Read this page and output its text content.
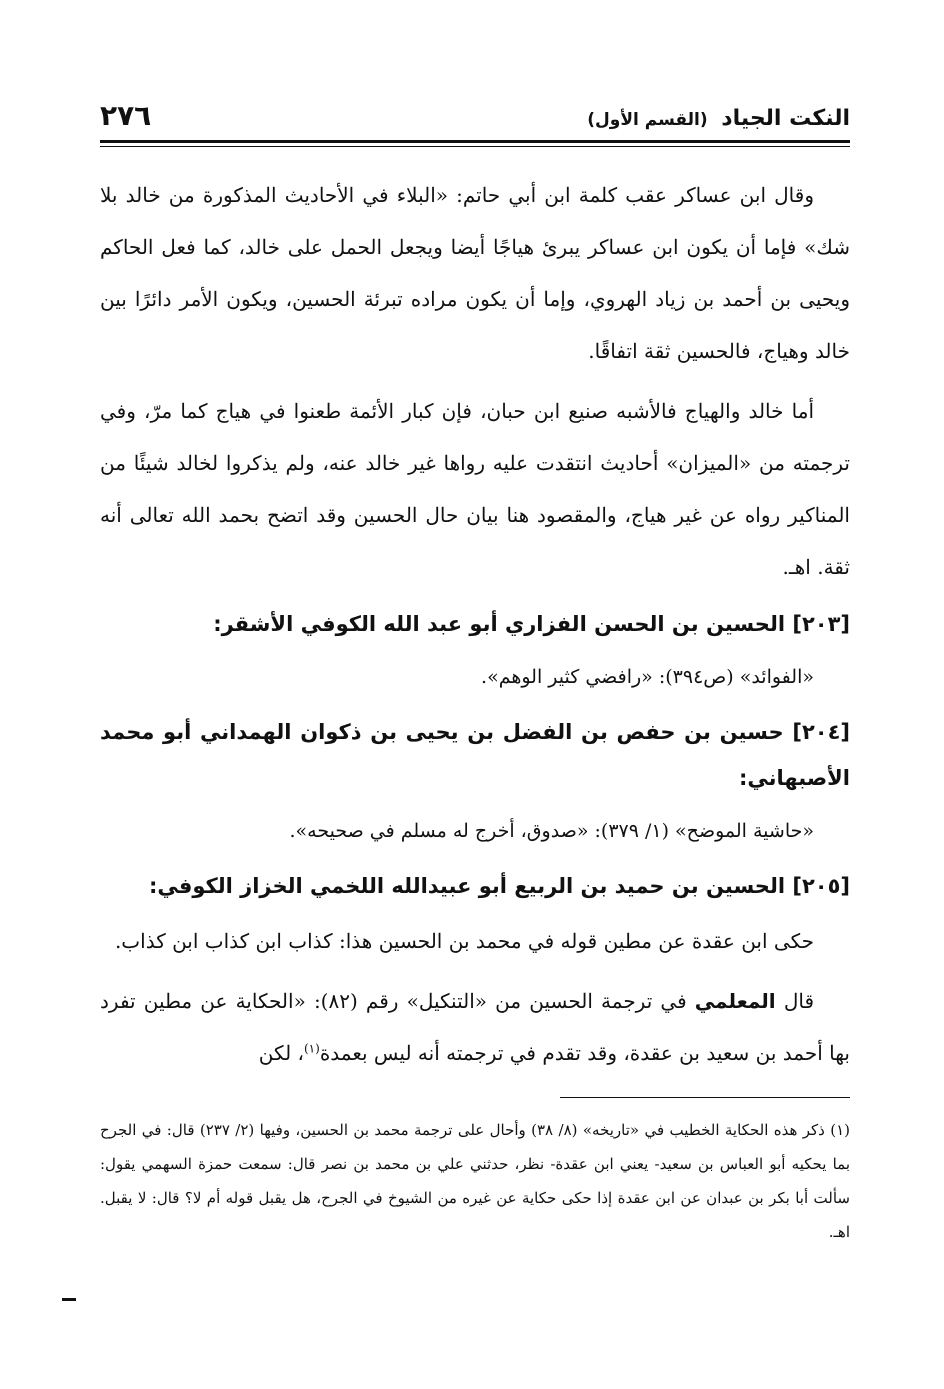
النكت الجياد (القسم الأول)
٢٧٦

وقال ابن عساكر عقب كلمة ابن أبي حاتم: «البلاء في الأحاديث المذكورة من خالد بلا شك» فإما أن يكون ابن عساكر يبرئ هياجًا أيضا ويجعل الحمل على خالد، كما فعل الحاكم ويحيى بن أحمد بن زياد الهروي، وإما أن يكون مراده تبرئة الحسين، ويكون الأمر دائرًا بين خالد وهياج، فالحسين ثقة اتفاقًا.

أما خالد والهياج فالأشبه صنيع ابن حبان، فإن كبار الأئمة طعنوا في هياج كما مرّ، وفي ترجمته من «الميزان» أحاديث انتقدت عليه رواها غير خالد عنه، ولم يذكروا لخالد شيئًا من المناكير رواه عن غير هياج، والمقصود هنا بيان حال الحسين وقد اتضح بحمد الله تعالى أنه ثقة. اهـ.

[٢٠٣] الحسين بن الحسن الفزاري أبو عبد الله الكوفي الأشقر:
«الفوائد» (ص٣٩٤): «رافضي كثير الوهم».
[٢٠٤] حسين بن حفص بن الفضل بن يحيى بن ذكوان الهمداني أبو محمد الأصبهاني:
«حاشية الموضح» (١/ ٣٧٩): «صدوق، أخرج له مسلم في صحيحه».
[٢٠٥] الحسين بن حميد بن الربيع أبو عبيدالله اللخمي الخزاز الكوفي:

حكى ابن عقدة عن مطين قوله في محمد بن الحسين هذا: كذاب ابن كذاب ابن كذاب.

قال المعلمي في ترجمة الحسين من «التنكيل» رقم (٨٢): «الحكاية عن مطين تفرد بها أحمد بن سعيد بن عقدة، وقد تقدم في ترجمته أنه ليس بعمدة$^{(١)}$، لكن

(١) ذكر هذه الحكاية الخطيب في «تاريخه» (٨/ ٣٨) وأحال على ترجمة محمد بن الحسين، وفيها (٢/ ٢٣٧) قال: في الجرح بما يحكيه أبو العباس بن سعيد- يعني ابن عقدة- نظر، حدثني علي بن محمد بن نصر قال: سمعت حمزة السهمي يقول: سألت أبا بكر بن عبدان عن ابن عقدة إذا حكى حكاية عن غيره من الشيوخ في الجرح، هل يقبل قوله أم لا؟ قال: لا يقبل. اهـ.
